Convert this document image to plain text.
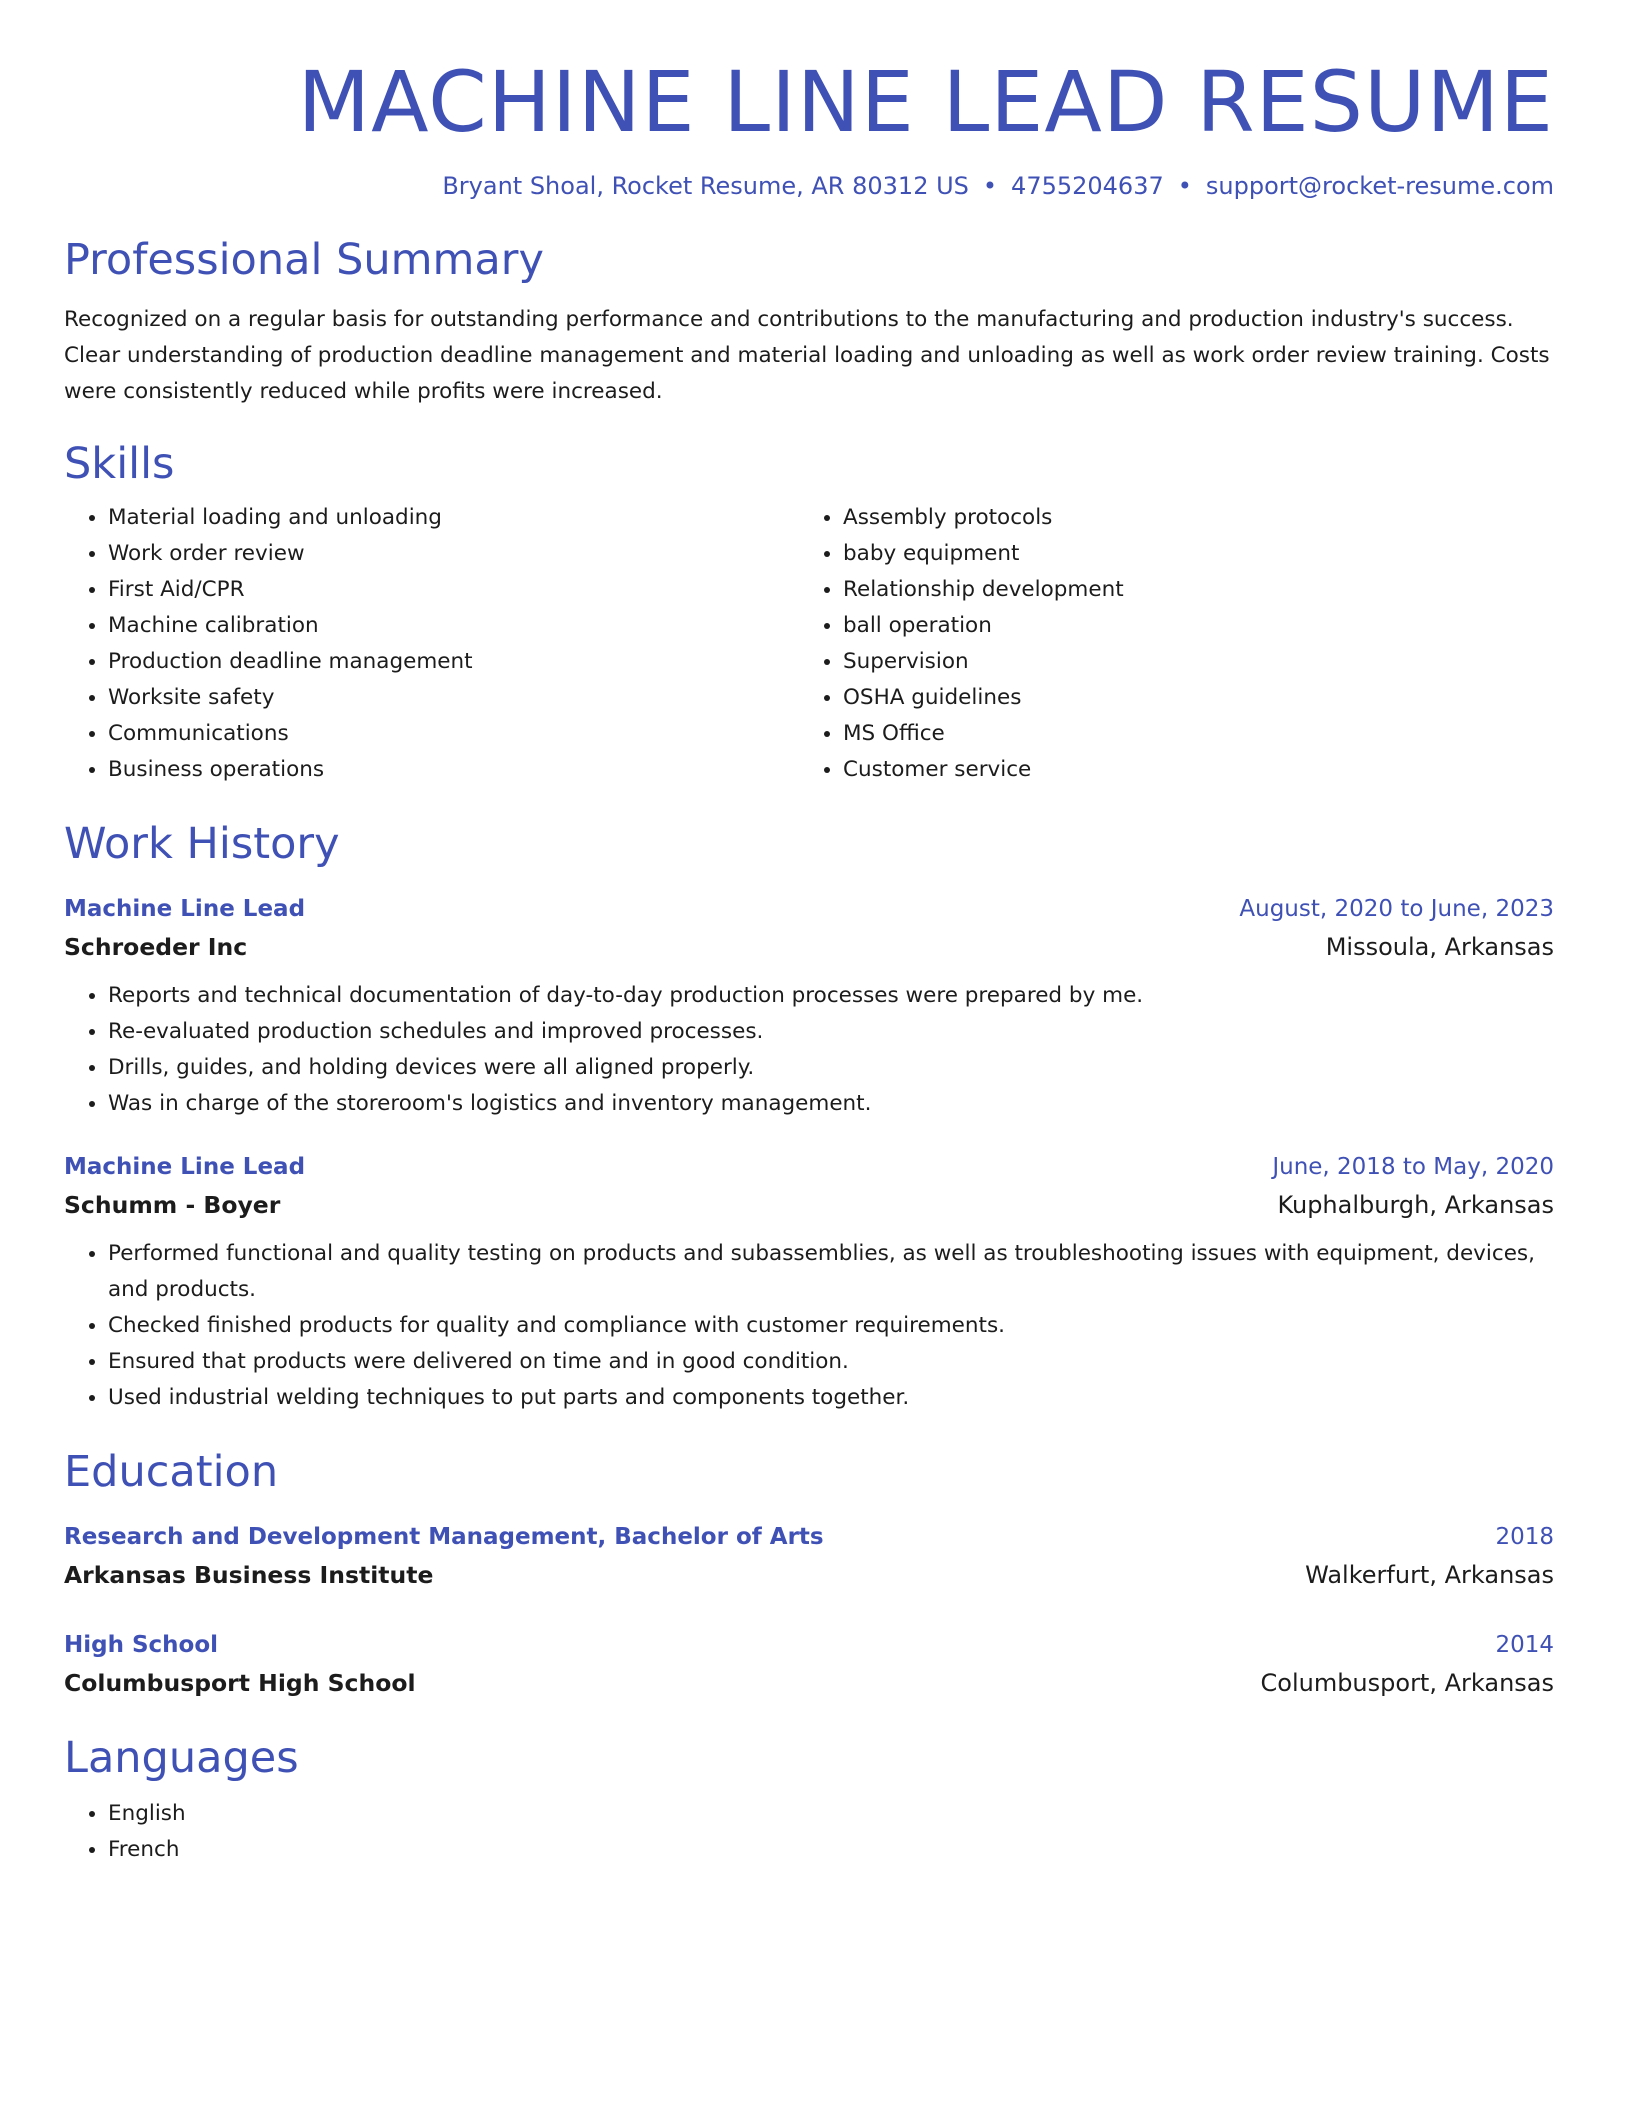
MACHINE LINE LEAD RESUME
Bryant Shoal, Rocket Resume, AR 80312 US • 4755204637 • support@rocket-resume.com
Professional Summary
Recognized on a regular basis for outstanding performance and contributions to the manufacturing and production industry's success. Clear understanding of production deadline management and material loading and unloading as well as work order review training. Costs were consistently reduced while profits were increased.
Skills
• Material loading and unloading
• Work order review
• First Aid/CPR
• Machine calibration
• Production deadline management
• Worksite safety
• Communications
• Business operations
• Assembly protocols
• baby equipment
• Relationship development
• ball operation
• Supervision
• OSHA guidelines
• MS Office
• Customer service
Work History
Machine Line Lead	August, 2020 to June, 2023
Schroeder Inc	Missoula, Arkansas
• Reports and technical documentation of day-to-day production processes were prepared by me.
• Re-evaluated production schedules and improved processes.
• Drills, guides, and holding devices were all aligned properly.
• Was in charge of the storeroom's logistics and inventory management.
Machine Line Lead	June, 2018 to May, 2020
Schumm - Boyer	Kuphalburgh, Arkansas
• Performed functional and quality testing on products and subassemblies, as well as troubleshooting issues with equipment, devices, and products.
• Checked finished products for quality and compliance with customer requirements.
• Ensured that products were delivered on time and in good condition.
• Used industrial welding techniques to put parts and components together.
Education
Research and Development Management, Bachelor of Arts	2018
Arkansas Business Institute	Walkerfurt, Arkansas
High School	2014
Columbusport High School	Columbusport, Arkansas
Languages
• English
• French
